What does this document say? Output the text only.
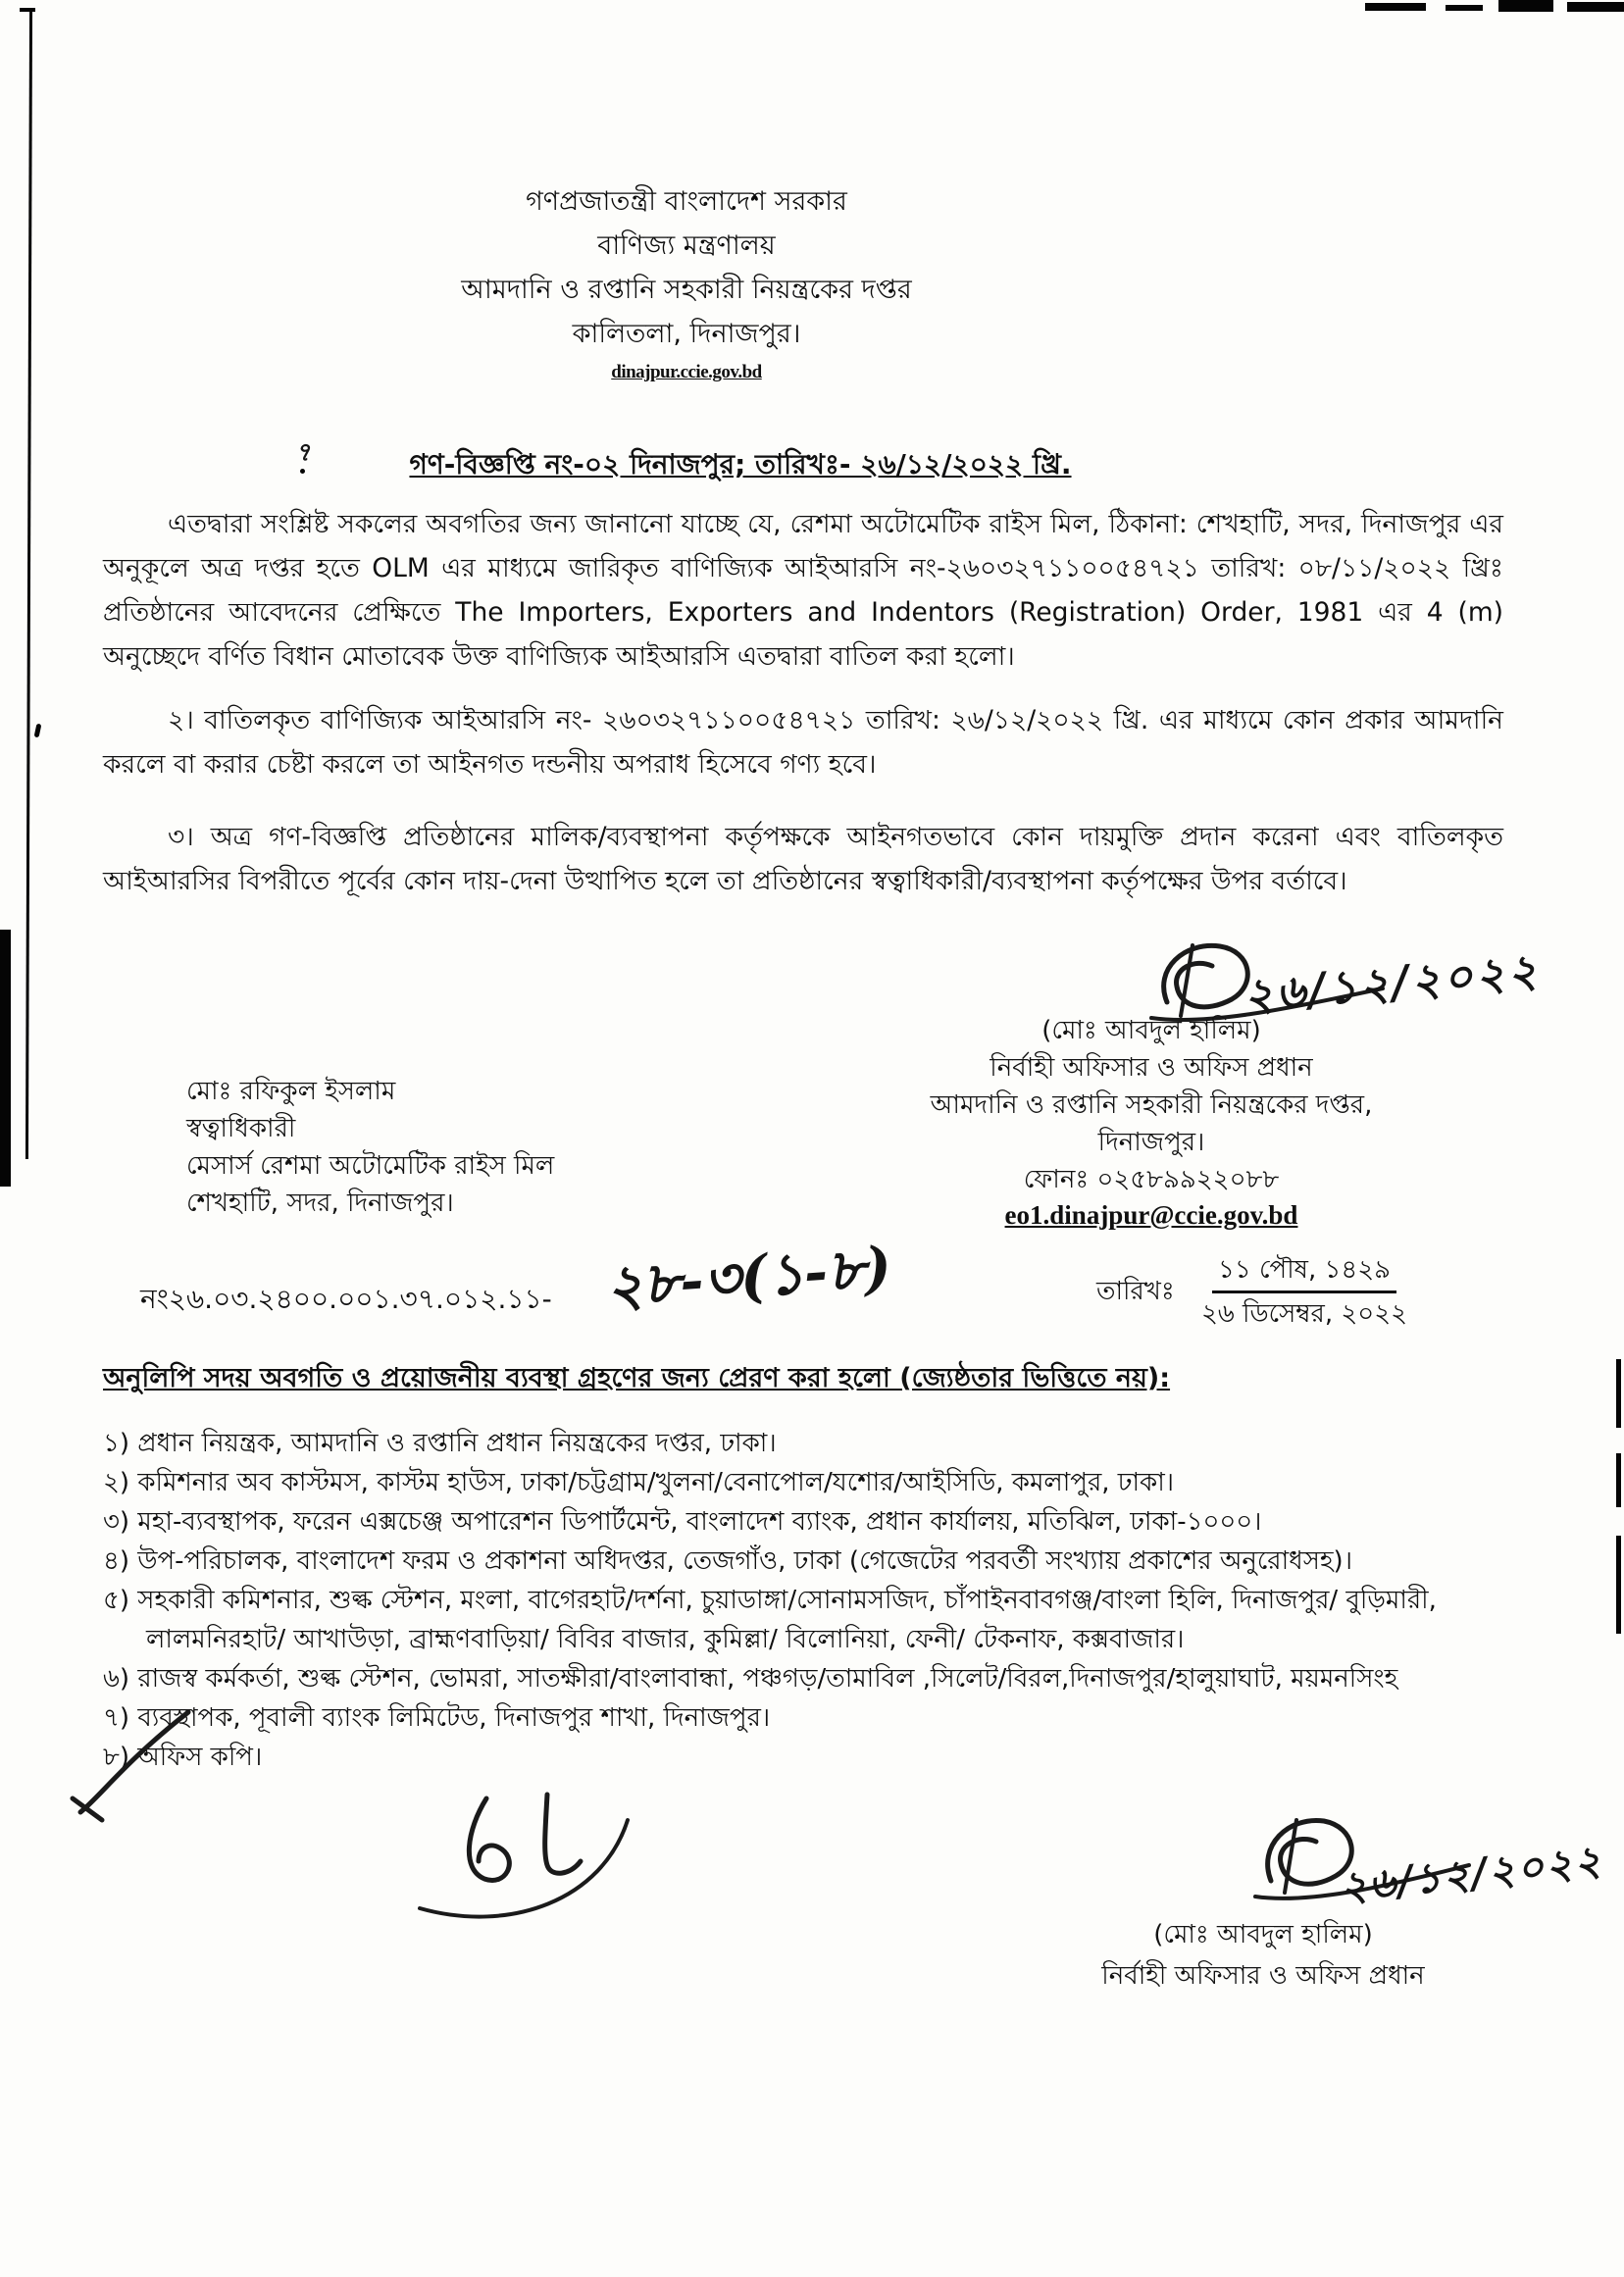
গণপ্রজাতন্ত্রী বাংলাদেশ সরকার
বাণিজ্য মন্ত্রণালয়
আমদানি ও রপ্তানি সহকারী নিয়ন্ত্রকের দপ্তর
কালিতলা, দিনাজপুর।
dinajpur.ccie.gov.bd
৭	গণ-বিজ্ঞপ্তি নং-০২ দিনাজপুর; তারিখঃ- ২৬/১২/২০২২ খ্রি.
এতদ্বারা সংশ্লিষ্ট সকলের অবগতির জন্য জানানো যাচ্ছে যে, রেশমা অটোমেটিক রাইস মিল, ঠিকানা: শেখহাটি, সদর, দিনাজপুর এর অনুকূলে অত্র দপ্তর হতে OLM এর মাধ্যমে জারিকৃত বাণিজ্যিক আইআরসি নং-২৬০৩২৭১১০০৫৪৭২১ তারিখ: ০৮/১১/২০২২ খ্রিঃ প্রতিষ্ঠানের আবেদনের প্রেক্ষিতে The Importers, Exporters and Indentors (Registration) Order, 1981 এর 4 (m) অনুচ্ছেদে বর্ণিত বিধান মোতাবেক উক্ত বাণিজ্যিক আইআরসি এতদ্বারা বাতিল করা হলো।
২। বাতিলকৃত বাণিজ্যিক আইআরসি নং- ২৬০৩২৭১১০০৫৪৭২১ তারিখ: ২৬/১২/২০২২ খ্রি. এর মাধ্যমে কোন প্রকার আমদানি করলে বা করার চেষ্টা করলে তা আইনগত দন্ডনীয় অপরাধ হিসেবে গণ্য হবে।
৩। অত্র গণ-বিজ্ঞপ্তি প্রতিষ্ঠানের মালিক/ব্যবস্থাপনা কর্তৃপক্ষকে আইনগতভাবে কোন দায়মুক্তি প্রদান করেনা এবং বাতিলকৃত আইআরসির বিপরীতে পূর্বের কোন দায়-দেনা উত্থাপিত হলে তা প্রতিষ্ঠানের স্বত্বাধিকারী/ব্যবস্থাপনা কর্তৃপক্ষের উপর বর্তাবে।
২৬/১২/২০২২
(মোঃ আবদুল হালিম)
নির্বাহী অফিসার ও অফিস প্রধান
আমদানি ও রপ্তানি সহকারী নিয়ন্ত্রকের দপ্তর, দিনাজপুর।
ফোনঃ ০২৫৮৯৯২২০৮৮
eo1.dinajpur@ccie.gov.bd
মোঃ রফিকুল ইসলাম
স্বত্বাধিকারী
মেসার্স রেশমা অটোমেটিক রাইস মিল
শেখহাটি, সদর, দিনাজপুর।
নং২৬.০৩.২৪০০.০০১.৩৭.০১২.১১- ২৮-৩(১-৮)	তারিখঃ
১১ পৌষ, ১৪২৯
২৬ ডিসেম্বর, ২০২২
অনুলিপি সদয় অবগতি ও প্রয়োজনীয় ব্যবস্থা গ্রহণের জন্য প্রেরণ করা হলো (জ্যেষ্ঠতার ভিত্তিতে নয়):
১) প্রধান নিয়ন্ত্রক, আমদানি ও রপ্তানি প্রধান নিয়ন্ত্রকের দপ্তর, ঢাকা।
২) কমিশনার অব কাস্টমস, কাস্টম হাউস, ঢাকা/চট্টগ্রাম/খুলনা/বেনাপোল/যশোর/আইসিডি, কমলাপুর, ঢাকা।
৩) মহা-ব্যবস্থাপক, ফরেন এক্সচেঞ্জ অপারেশন ডিপার্টমেন্ট, বাংলাদেশ ব্যাংক, প্রধান কার্যালয়, মতিঝিল, ঢাকা-১০০০।
৪) উপ-পরিচালক, বাংলাদেশ ফরম ও প্রকাশনা অধিদপ্তর, তেজগাঁও, ঢাকা (গেজেটের পরবর্তী সংখ্যায় প্রকাশের অনুরোধসহ)।
৫) সহকারী কমিশনার, শুল্ক স্টেশন, মংলা, বাগেরহাট/দর্শনা, চুয়াডাঙ্গা/সোনামসজিদ, চাঁপাইনবাবগঞ্জ/বাংলা হিলি, দিনাজপুর/ বুড়িমারী, লালমনিরহাট/ আখাউড়া, ব্রাহ্মণবাড়িয়া/ বিবির বাজার, কুমিল্লা/ বিলোনিয়া, ফেনী/ টেকনাফ, কক্সবাজার।
৬) রাজস্ব কর্মকর্তা, শুল্ক স্টেশন, ভোমরা, সাতক্ষীরা/বাংলাবান্ধা, পঞ্চগড়/তামাবিল ,সিলেট/বিরল,দিনাজপুর/হালুয়াঘাট, ময়মনসিংহ
৭) ব্যবস্থাপক, পূবালী ব্যাংক লিমিটেড, দিনাজপুর শাখা, দিনাজপুর।
৮) অফিস কপি।
২৬/১২/২০২২
(মোঃ আবদুল হালিম)
নির্বাহী অফিসার ও অফিস প্রধান
